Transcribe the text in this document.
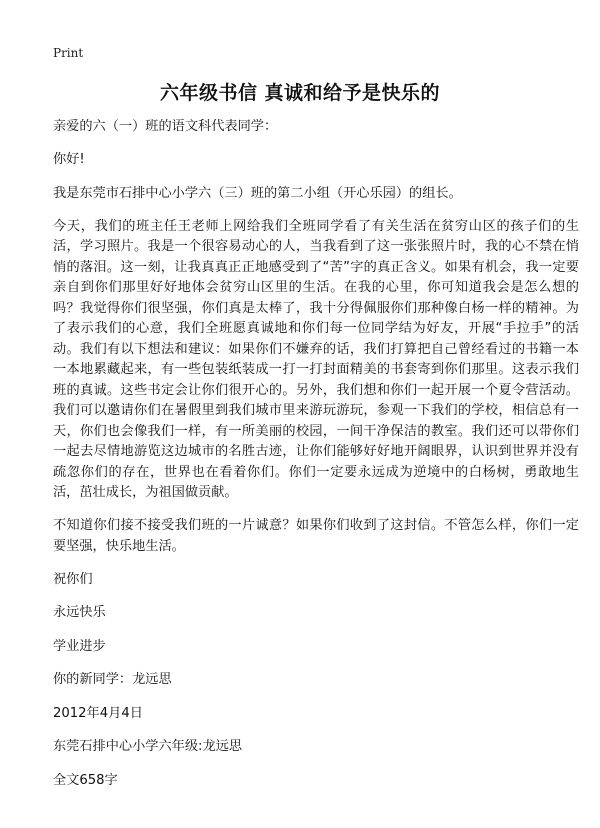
Print
六年级书信 真诚和给予是快乐的

亲爱的六（一）班的语文科代表同学：

你好!

我是东莞市石排中心小学六（三）班的第二小组（开心乐园）的组长。

今天，我们的班主任王老师上网给我们全班同学看了有关生活在贫穷山区的孩子们的生活，学习照片。我是一个很容易动心的人，当我看到了这一张张照片时，我的心不禁在悄悄的落泪。这一刻，让我真真正正地感受到了“苦”字的真正含义。如果有机会，我一定要亲自到你们那里好好地体会贫穷山区里的生活。在我的心里，你可知道我会是怎么想的吗？我觉得你们很坚强，你们真是太棒了，我十分得佩服你们那种像白杨一样的精神。为了表示我们的心意，我们全班愿真诚地和你们每一位同学结为好友，开展“手拉手”的活动。我们有以下想法和建议：如果你们不嫌弃的话，我们打算把自己曾经看过的书籍一本一本地累藏起来，有一些包装纸装成一打一打封面精美的书套寄到你们那里。这表示我们班的真诚。这些书定会让你们很开心的。另外，我们想和你们一起开展一个夏令营活动。我们可以邀请你们在暑假里到我们城市里来游玩游玩，参观一下我们的学校，相信总有一天，你们也会像我们一样，有一所美丽的校园，一间干净保洁的教室。我们还可以带你们一起去尽情地游览这边城市的名胜古迹，让你们能够好好地开阔眼界，认识到世界并没有疏忽你们的存在，世界也在看着你们。你们一定要永远成为逆境中的白杨树，勇敢地生活，茁壮成长，为祖国做贡献。

不知道你们接不接受我们班的一片诚意？如果你们收到了这封信。不管怎么样，你们一定要坚强，快乐地生活。

祝你们

永远快乐

学业进步

你的新同学：龙远思

2012年4月4日

东莞石排中心小学六年级:龙远思

全文658字
